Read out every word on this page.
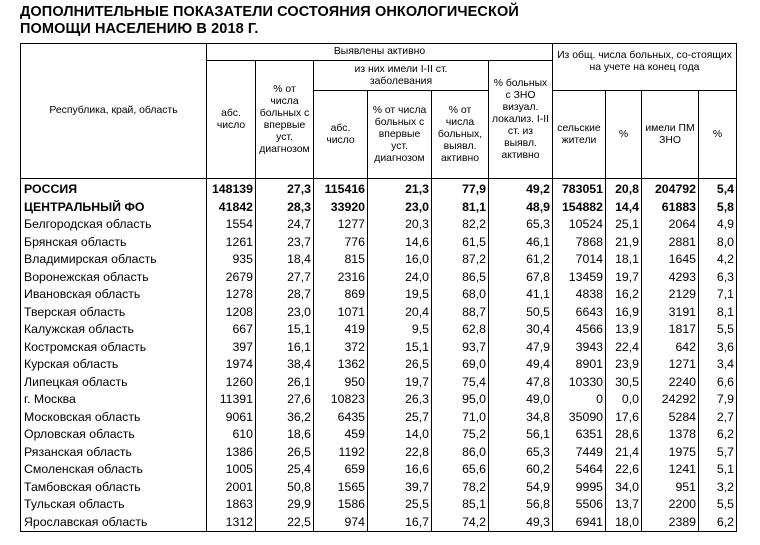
ДОПОЛНИТЕЛЬНЫЕ ПОКАЗАТЕЛИ СОСТОЯНИЯ ОНКОЛОГИЧЕСКОЙ
ПОМОЩИ НАСЕЛЕНИЮ В 2018 Г.
Республика, край, область	Выявлены активно						Из общ. числа больных, со-стоящих на учете на конец года			
	абс. число	% от числа больных с впервые уст. диагнозом	из них имели I-II ст. заболевания			% больных с ЗНО визуал. локализ. I-II ст. из выявл. активно				
			абс. число	% от числа больных с впервые уст. диагнозом	% от числа больных, выявл. активно		сельские жители	%	имели ПМ ЗНО	%
РОССИЯ	148139	27,3	115416	21,3	77,9	49,2	783051	20,8	204792	5,4
ЦЕНТРАЛЬНЫЙ ФО	41842	28,3	33920	23,0	81,1	48,9	154882	14,4	61883	5,8
Белгородская область	1554	24,7	1277	20,3	82,2	65,3	10524	25,1	2064	4,9
Брянская область	1261	23,7	776	14,6	61,5	46,1	7868	21,9	2881	8,0
Владимирская область	935	18,4	815	16,0	87,2	61,2	7014	18,1	1645	4,2
Воронежская область	2679	27,7	2316	24,0	86,5	67,8	13459	19,7	4293	6,3
Ивановская область	1278	28,7	869	19,5	68,0	41,1	4838	16,2	2129	7,1
Тверская область	1208	23,0	1071	20,4	88,7	50,5	6643	16,9	3191	8,1
Калужская область	667	15,1	419	9,5	62,8	30,4	4566	13,9	1817	5,5
Костромская область	397	16,1	372	15,1	93,7	47,9	3943	22,4	642	3,6
Курская область	1974	38,4	1362	26,5	69,0	49,4	8901	23,9	1271	3,4
Липецкая область	1260	26,1	950	19,7	75,4	47,8	10330	30,5	2240	6,6
г. Москва	11391	27,6	10823	26,3	95,0	49,0	0	0,0	24292	7,9
Московская область	9061	36,2	6435	25,7	71,0	34,8	35090	17,6	5284	2,7
Орловская область	610	18,6	459	14,0	75,2	56,1	6351	28,6	1378	6,2
Рязанская область	1386	26,5	1192	22,8	86,0	65,3	7449	21,4	1975	5,7
Смоленская область	1005	25,4	659	16,6	65,6	60,2	5464	22,6	1241	5,1
Тамбовская область	2001	50,8	1565	39,7	78,2	54,9	9995	34,0	951	3,2
Тульская область	1863	29,9	1586	25,5	85,1	56,8	5506	13,7	2200	5,5
Ярославская область	1312	22,5	974	16,7	74,2	49,3	6941	18,0	2389	6,2
